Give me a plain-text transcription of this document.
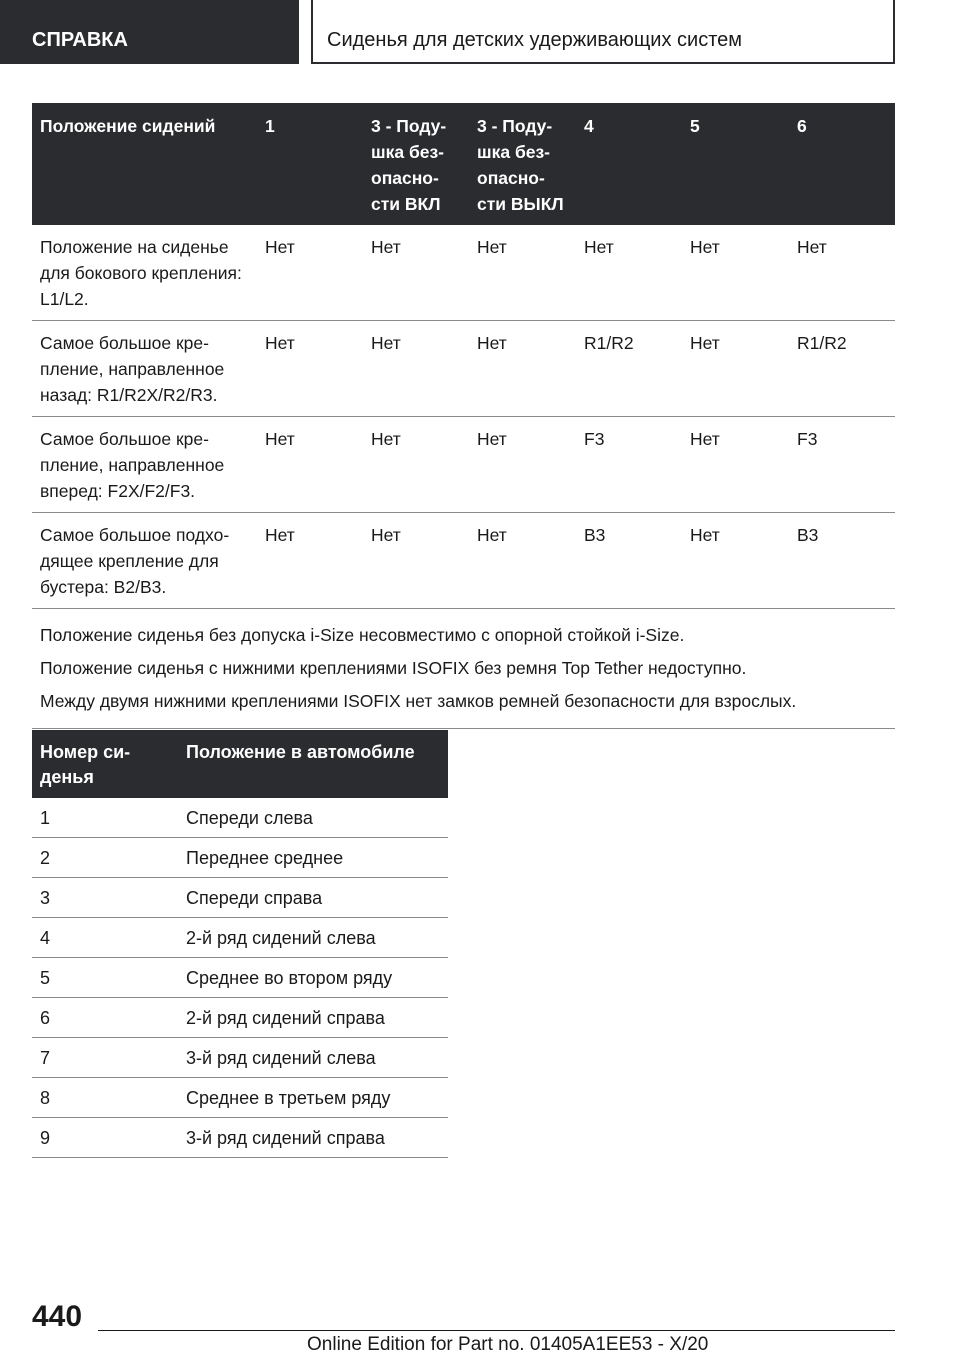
СПРАВКА	Сиденья для детских удерживающих систем
Положение сидений	1	3 - Поду-шка без-опасно-сти ВКЛ	3 - Поду-шка без-опасно-сти ВЫКЛ	4	5	6
Положение на сиденье для бокового крепления: L1/L2.	Нет	Нет	Нет	Нет	Нет	Нет
Самое большое кре-пление, направленное назад: R1/R2X/R2/R3.	Нет	Нет	Нет	R1/R2	Нет	R1/R2
Самое большое кре-пление, направленное вперед: F2X/F2/F3.	Нет	Нет	Нет	F3	Нет	F3
Самое большое подхо-дящее крепление для бустера: B2/B3.	Нет	Нет	Нет	B3	Нет	B3

Положение сиденья без допуска i-Size несовместимо с опорной стойкой i-Size.
Положение сиденья с нижними креплениями ISOFIX без ремня Top Tether недоступно.
Между двумя нижними креплениями ISOFIX нет замков ремней безопасности для взрослых.						
Номер си-денья	Положение в автомобиле
1	Спереди слева
2	Переднее среднее
3	Спереди справа
4	2-й ряд сидений слева
5	Среднее во втором ряду
6	2-й ряд сидений справа
7	3-й ряд сидений слева
8	Среднее в третьем ряду
9	3-й ряд сидений справа
440
Online Edition for Part no. 01405A1EE53 - X/20
